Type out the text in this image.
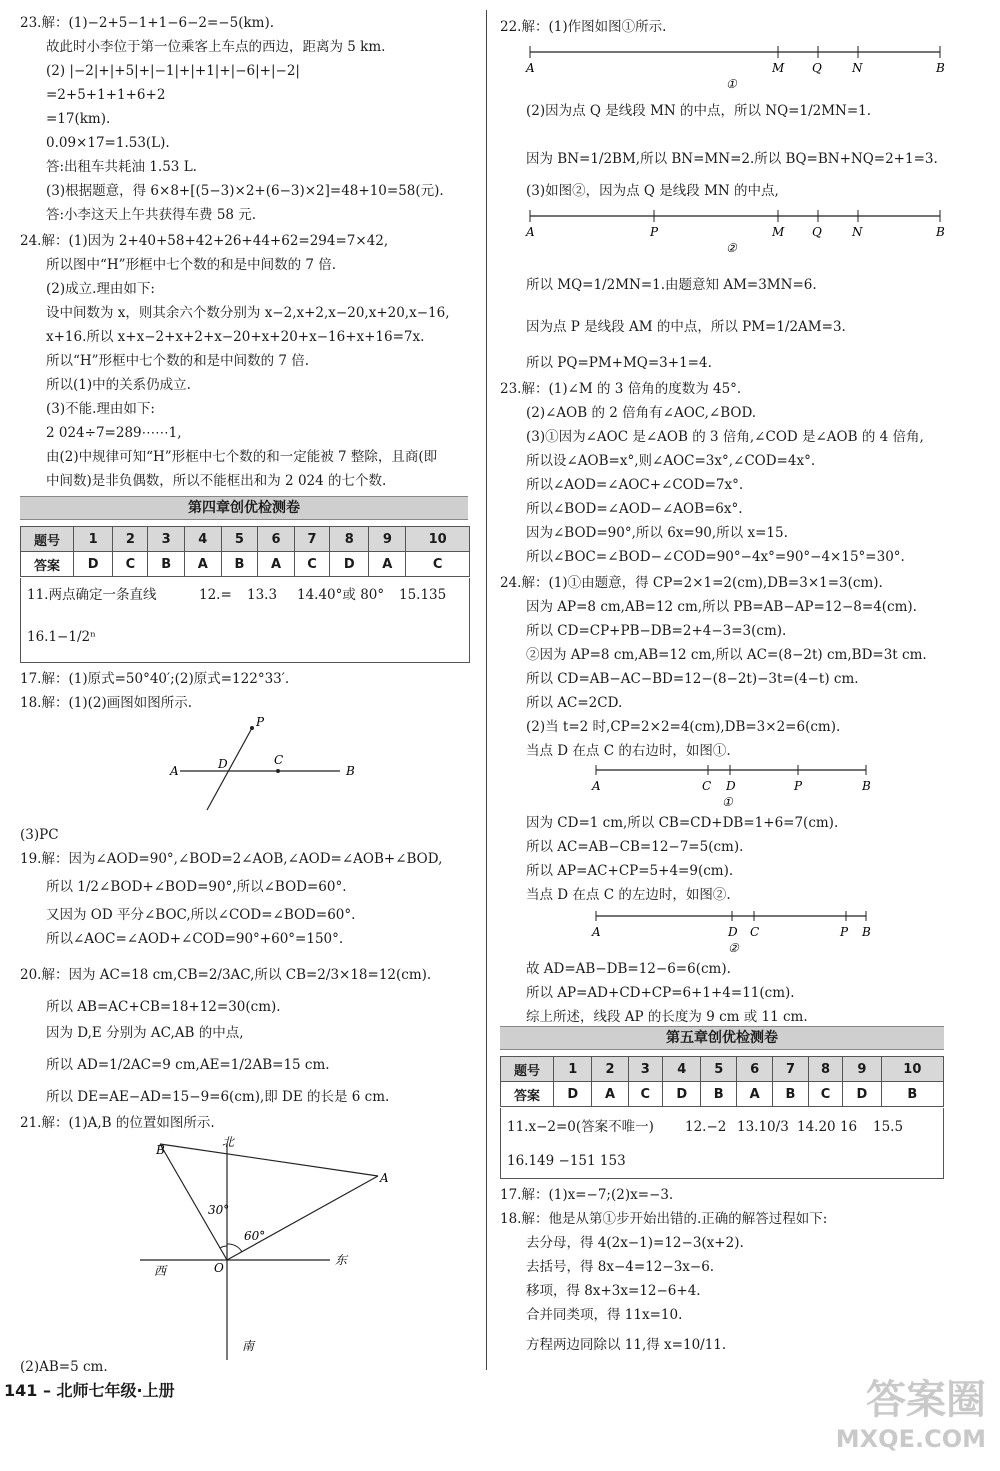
23.解：(1)−2+5−1+1−6−2=−5(km).
故此时小李位于第一位乘客上车点的西边，距离为 5 km.
(2) |−2|+|+5|+|−1|+|+1|+|−6|+|−2|
=2+5+1+1+6+2
=17(km).
0.09×17=1.53(L).
答:出租车共耗油 1.53 L.
(3)根据题意，得 6×8+[(5−3)×2+(6−3)×2]=48+10=58(元).
答:小李这天上午共获得车费 58 元.
24.解：(1)因为 2+40+58+42+26+44+62=294=7×42,
所以图中“H”形框中七个数的和是中间数的 7 倍.
(2)成立.理由如下:
设中间数为 x，则其余六个数分别为 x−2,x+2,x−20,x+20,x−16,
x+16.所以 x+x−2+x+2+x−20+x+20+x−16+x+16=7x.
所以“H”形框中七个数的和是中间数的 7 倍.
所以(1)中的关系仍成立.
(3)不能.理由如下:
2 024÷7=289⋯⋯1,
由(2)中规律可知“H”形框中七个数的和一定能被 7 整除，且商(即
中间数)是非负偶数，所以不能框出和为 2 024 的七个数.
第四章创优检测卷
题号	1	2	3	4	5	6	7	8	9	10
答案	D	C	B	A	B	A	C	D	A	C
11.两点确定一条直线	12.= 13.3 14.40°或 80° 15.135
16.1−1/2ⁿ
17.解：(1)原式=50°40′;(2)原式=122°33′.
18.解：(1)(2)画图如图所示.
P
A	D	C
B
(3)PC
19.解：因为∠AOD=90°,∠BOD=2∠AOB,∠AOD=∠AOB+∠BOD,
所以 1/2∠BOD+∠BOD=90°,所以∠BOD=60°.
又因为 OD 平分∠BOC,所以∠COD=∠BOD=60°.
所以∠AOC=∠AOD+∠COD=90°+60°=150°.
20.解：因为 AC=18 cm,CB=2/3AC,所以 CB=2/3×18=12(cm).
所以 AB=AC+CB=18+12=30(cm).
因为 D,E 分别为 AC,AB 的中点,
所以 AD=1/2AC=9 cm,AE=1/2AB=15 cm.
所以 DE=AE−AD=15−9=6(cm),即 DE 的长是 6 cm.
21.解：(1)A,B 的位置如图所示.
B
北
A
30°
60°
西	O
东
南
(2)AB=5 cm.
22.解：(1)作图如图①所示.
A	M Q	N	B
①
(2)因为点 Q 是线段 MN 的中点，所以 NQ=1/2MN=1.
因为 BN=1/2BM,所以 BN=MN=2.所以 BQ=BN+NQ=2+1=3.
(3)如图②，因为点 Q 是线段 MN 的中点,
A	P	M Q	N	B
②
所以 MQ=1/2MN=1.由题意知 AM=3MN=6.
因为点 P 是线段 AM 的中点，所以 PM=1/2AM=3.
所以 PQ=PM+MQ=3+1=4.
23.解：(1)∠M 的 3 倍角的度数为 45°.
(2)∠AOB 的 2 倍角有∠AOC,∠BOD.
(3)①因为∠AOC 是∠AOB 的 3 倍角,∠COD 是∠AOB 的 4 倍角,
所以设∠AOB=x°,则∠AOC=3x°,∠COD=4x°.
所以∠AOD=∠AOC+∠COD=7x°.
所以∠BOD=∠AOD−∠AOB=6x°.
因为∠BOD=90°,所以 6x=90,所以 x=15.
所以∠BOC=∠BOD−∠COD=90°−4x°=90°−4×15°=30°.
24.解：(1)①由题意，得 CP=2×1=2(cm),DB=3×1=3(cm).
因为 AP=8 cm,AB=12 cm,所以 PB=AB−AP=12−8=4(cm).
所以 CD=CP+PB−DB=2+4−3=3(cm).
②因为 AP=8 cm,AB=12 cm,所以 AC=(8−2t) cm,BD=3t cm.
所以 CD=AB−AC−BD=12−(8−2t)−3t=(4−t) cm.
所以 AC=2CD.
(2)当 t=2 时,CP=2×2=4(cm),DB=3×2=6(cm).
当点 D 在点 C 的右边时，如图①.
A	C D	P	B
①
因为 CD=1 cm,所以 CB=CD+DB=1+6=7(cm).
所以 AC=AB−CB=12−7=5(cm).
所以 AP=AC+CP=5+4=9(cm).
当点 D 在点 C 的左边时，如图②.
A	D C	P B
②
故 AD=AB−DB=12−6=6(cm).
所以 AP=AD+CD+CP=6+1+4=11(cm).
综上所述，线段 AP 的长度为 9 cm 或 11 cm.
第五章创优检测卷
题号	1	2	3	4	5	6	7	8	9	10
答案	D	A	C	D	B	A	B	C	D	B
11.x−2=0(答案不唯一) 12.−2 13.10/3 14.20 16 15.5
16.149 −151 153
17.解：(1)x=−7;(2)x=−3.
18.解：他是从第①步开始出错的.正确的解答过程如下:
去分母，得 4(2x−1)=12−3(x+2).
去括号，得 8x−4=12−3x−6.
移项，得 8x+3x=12−6+4.
合并同类项，得 11x=10.
方程两边同除以 11,得 x=10/11.
141 – 北师七年级·上册	答案圈
MXQE.COM
